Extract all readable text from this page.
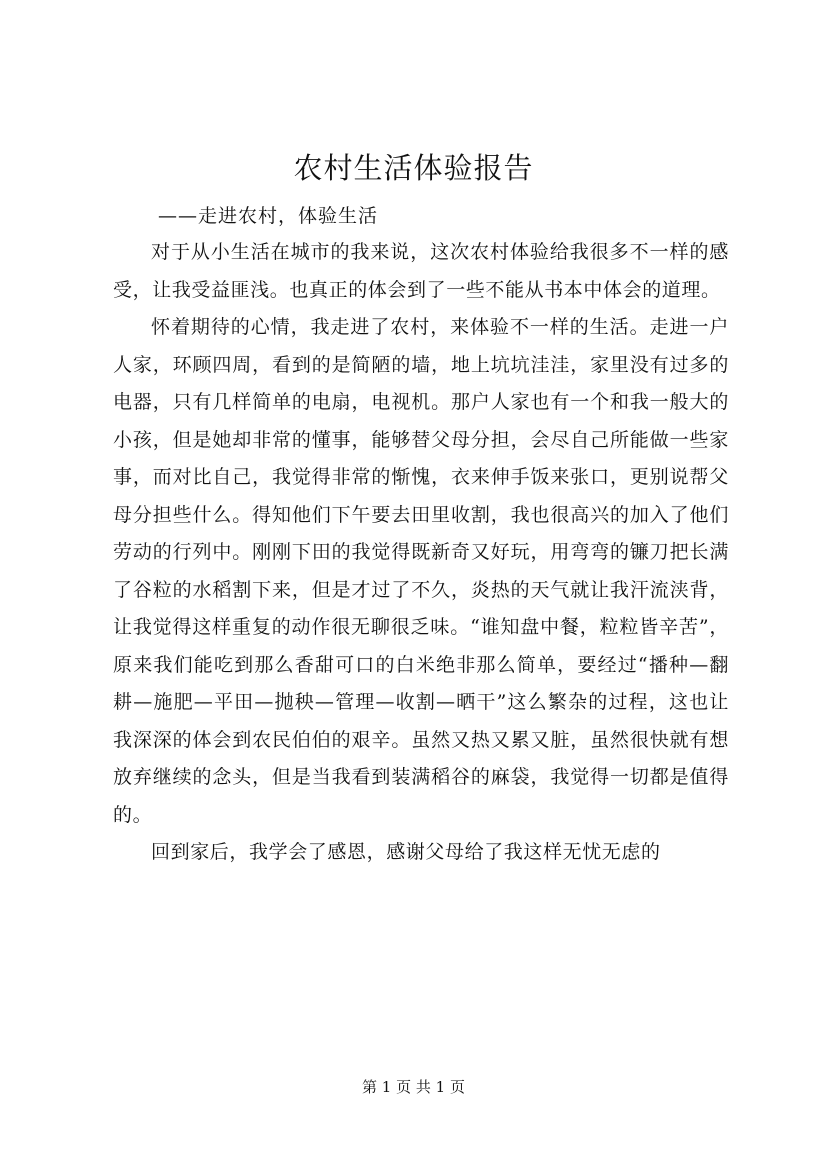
农村生活体验报告

——走进农村，体验生活

对于从小生活在城市的我来说，这次农村体验给我很多不一样的感受，让我受益匪浅。也真正的体会到了一些不能从书本中体会的道理。

怀着期待的心情，我走进了农村，来体验不一样的生活。走进一户人家，环顾四周，看到的是简陋的墙，地上坑坑洼洼，家里没有过多的电器，只有几样简单的电扇，电视机。那户人家也有一个和我一般大的小孩，但是她却非常的懂事，能够替父母分担，会尽自己所能做一些家事，而对比自己，我觉得非常的惭愧，衣来伸手饭来张口，更别说帮父母分担些什么。得知他们下午要去田里收割，我也很高兴的加入了他们劳动的行列中。刚刚下田的我觉得既新奇又好玩，用弯弯的镰刀把长满了谷粒的水稻割下来，但是才过了不久，炎热的天气就让我汗流浃背，让我觉得这样重复的动作很无聊很乏味。“谁知盘中餐，粒粒皆辛苦”，原来我们能吃到那么香甜可口的白米绝非那么简单，要经过“播种—翻耕—施肥—平田—抛秧—管理—收割—晒干”这么繁杂的过程，这也让我深深的体会到农民伯伯的艰辛。虽然又热又累又脏，虽然很快就有想放弃继续的念头，但是当我看到装满稻谷的麻袋，我觉得一切都是值得的。

回到家后，我学会了感恩，感谢父母给了我这样无忧无虑的

第 1 页 共 1 页
